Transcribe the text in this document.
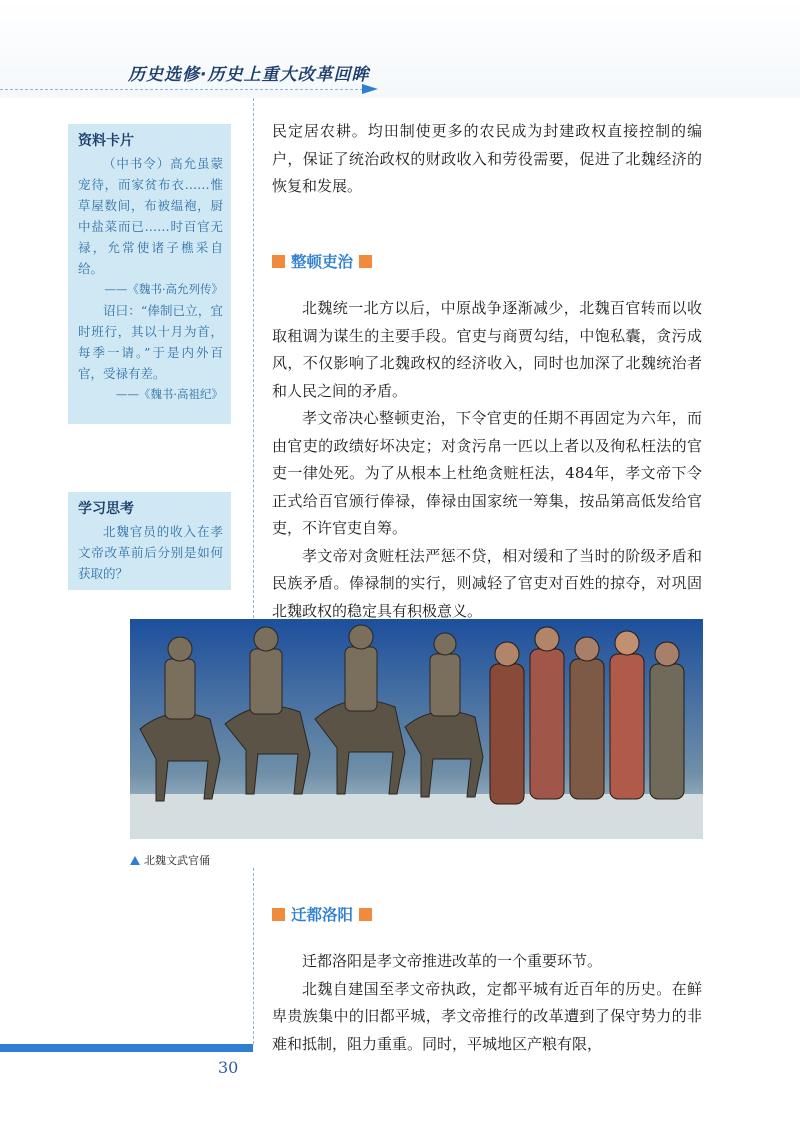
历史选修·历史上重大改革回眸
资料卡片

（中书令）高允虽蒙宠待，而家贫布衣……惟草屋数间，布被缊袍，厨中盐菜而已……时百官无禄，允常使诸子樵采自给。

——《魏书·高允列传》

诏曰：“俸制已立，宜时班行，其以十月为首，每季一请。”于是内外百官，受禄有差。

——《魏书·高祖纪》

学习思考

北魏官员的收入在孝文帝改革前后分别是如何获取的？

民定居农耕。均田制使更多的农民成为封建政权直接控制的编户，保证了统治政权的财政收入和劳役需要，促进了北魏经济的恢复和发展。

整顿吏治

北魏统一北方以后，中原战争逐渐减少，北魏百官转而以收取租调为谋生的主要手段。官吏与商贾勾结，中饱私囊，贪污成风，不仅影响了北魏政权的经济收入，同时也加深了北魏统治者和人民之间的矛盾。

孝文帝决心整顿吏治，下令官吏的任期不再固定为六年，而由官吏的政绩好坏决定；对贪污帛一匹以上者以及徇私枉法的官吏一律处死。为了从根本上杜绝贪赃枉法，484年，孝文帝下令正式给百官颁行俸禄，俸禄由国家统一筹集，按品第高低发给官吏，不许官吏自筹。

孝文帝对贪赃枉法严惩不贷，相对缓和了当时的阶级矛盾和民族矛盾。俸禄制的实行，则减轻了官吏对百姓的掠夺，对巩固北魏政权的稳定具有积极意义。

北魏文武官俑
迁都洛阳

迁都洛阳是孝文帝推进改革的一个重要环节。

北魏自建国至孝文帝执政，定都平城有近百年的历史。在鲜卑贵族集中的旧都平城，孝文帝推行的改革遭到了保守势力的非难和抵制，阻力重重。同时，平城地区产粮有限，

30
